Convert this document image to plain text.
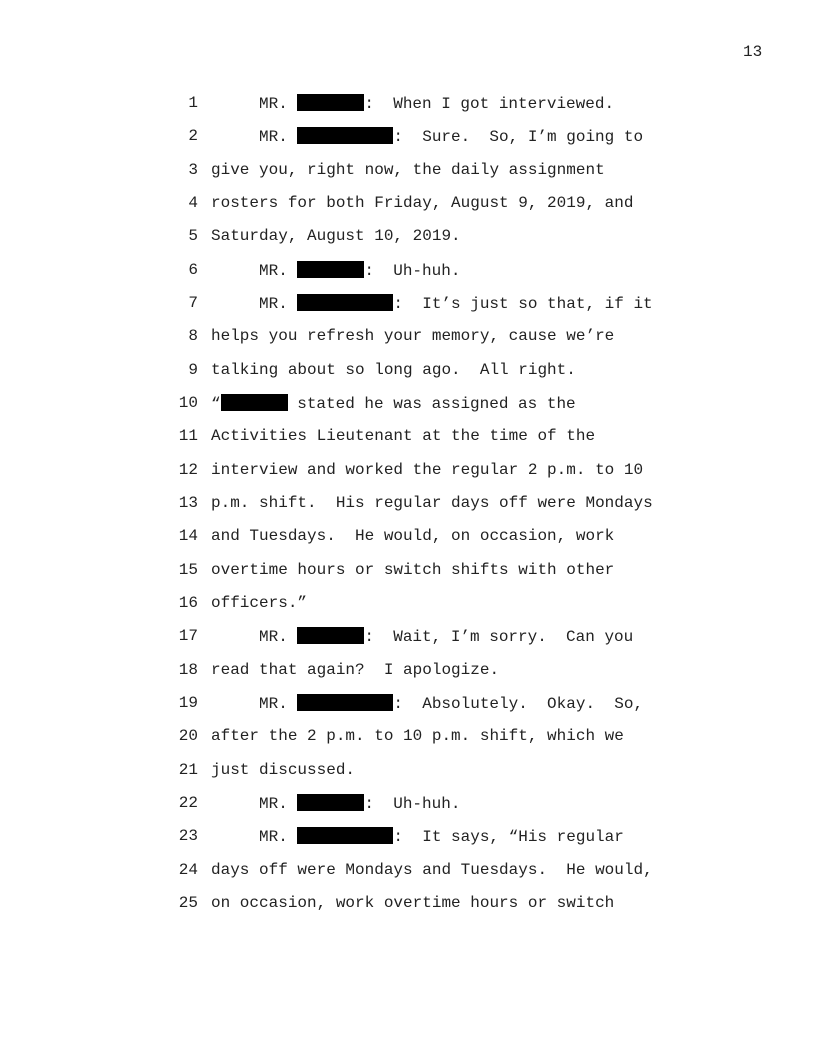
13
1	MR.	:  When I got interviewed.
2	MR.	:  Sure.  So, I’m going to
3 give you, right now, the daily assignment
4 rosters for both Friday, August 9, 2019, and
5 Saturday, August 10, 2019.
6	MR.	:  Uh-huh.
7	MR.	:  It’s just so that, if it
8 helps you refresh your memory, cause we’re
9 talking about so long ago.  All right.
10 “	stated he was assigned as the
11 Activities Lieutenant at the time of the
12 interview and worked the regular 2 p.m. to 10
13 p.m. shift.  His regular days off were Mondays
14 and Tuesdays.  He would, on occasion, work
15 overtime hours or switch shifts with other
16 officers.”
17	MR.	:  Wait, I’m sorry.  Can you
18 read that again?  I apologize.
19	MR.	:  Absolutely.  Okay.  So,
20 after the 2 p.m. to 10 p.m. shift, which we
21 just discussed.
22	MR.	:  Uh-huh.
23	MR.	:  It says, “His regular
24 days off were Mondays and Tuesdays.  He would,
25 on occasion, work overtime hours or switch
